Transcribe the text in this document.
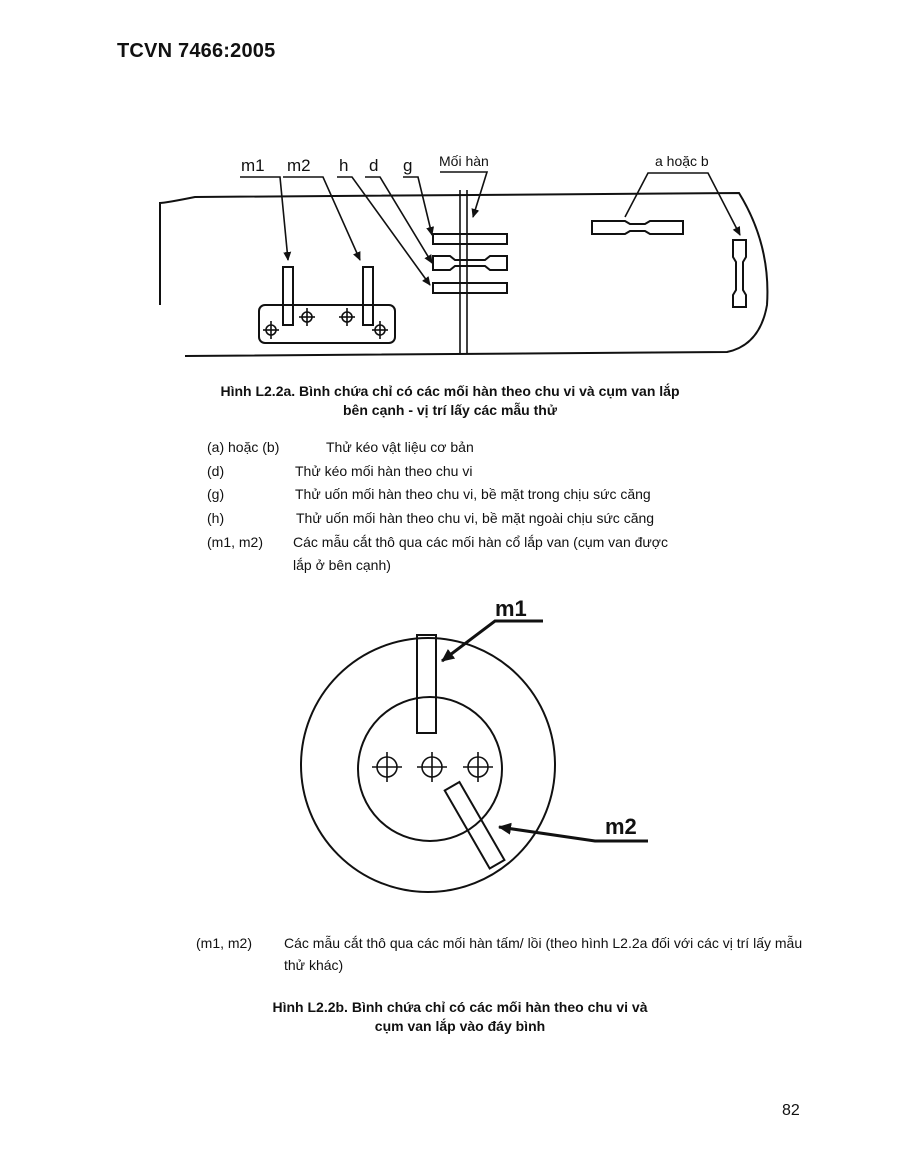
TCVN 7466:2005
m1 m2 h d g Mối hàn	a hoặc b
Hình L2.2a. Bình chứa chỉ có các mối hàn theo chu vi và cụm van lắp
bên cạnh - vị trí lấy các mẫu thử
(a) hoặc (b)	Thử kéo vật liệu cơ bản
(d)	Thử kéo mối hàn theo chu vi
(g)	Thử uốn mối hàn theo chu vi, bề mặt trong chịu sức căng
(h)	Thử uốn mối hàn theo chu vi, bề mặt ngoài chịu sức căng
(m1, m2) Các mẫu cắt thô qua các mối hàn cổ lắp van (cụm van được
lắp ở bên cạnh)
m1
m2
(m1, m2) Các mẫu cắt thô qua các mối hàn tấm/ lồi (theo hình L2.2a đối với các vị trí lấy mẫu thử khác)
Hình L2.2b. Bình chứa chỉ có các mối hàn theo chu vi và
cụm van lắp vào đáy bình
82
